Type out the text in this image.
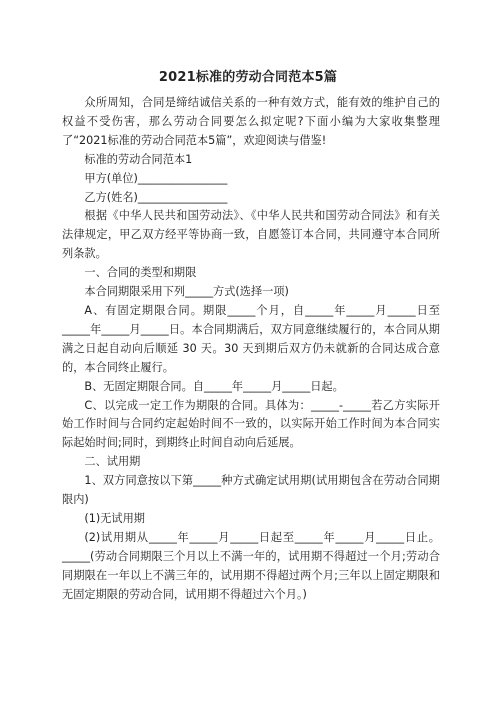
2021标准的劳动合同范本5篇

众所周知，合同是缔结诚信关系的一种有效方式，能有效的维护自己的权益不受伤害，那么劳动合同要怎么拟定呢?下面小编为大家收集整理了“2021标准的劳动合同范本5篇”，欢迎阅读与借鉴!

标准的劳动合同范本1

甲方(单位)________________

乙方(姓名)________________

根据《中华人民共和国劳动法》、《中华人民共和国劳动合同法》和有关法律规定，甲乙双方经平等协商一致，自愿签订本合同，共同遵守本合同所列条款。

一、合同的类型和期限

本合同期限采用下列_____方式(选择一项)

A、有固定期限合同。期限_____个月，自_____年_____月_____日至_____年_____月_____日。本合同期满后，双方同意继续履行的，本合同从期满之日起自动向后顺延 30 天。30 天到期后双方仍未就新的合同达成合意的，本合同终止履行。

B、无固定期限合同。自_____年_____月_____日起。

C、以完成一定工作为期限的合同。具体为：_____-_____若乙方实际开始工作时间与合同约定起始时间不一致的，以实际开始工作时间为本合同实际起始时间;同时，到期终止时间自动向后延展。

二、试用期

1、双方同意按以下第_____种方式确定试用期(试用期包含在劳动合同期限内)

(1)无试用期

(2)试用期从_____年_____月_____日起至_____年_____月_____日止。_____(劳动合同期限三个月以上不满一年的，试用期不得超过一个月;劳动合同期限在一年以上不满三年的，试用期不得超过两个月;三年以上固定期限和无固定期限的劳动合同，试用期不得超过六个月。)
